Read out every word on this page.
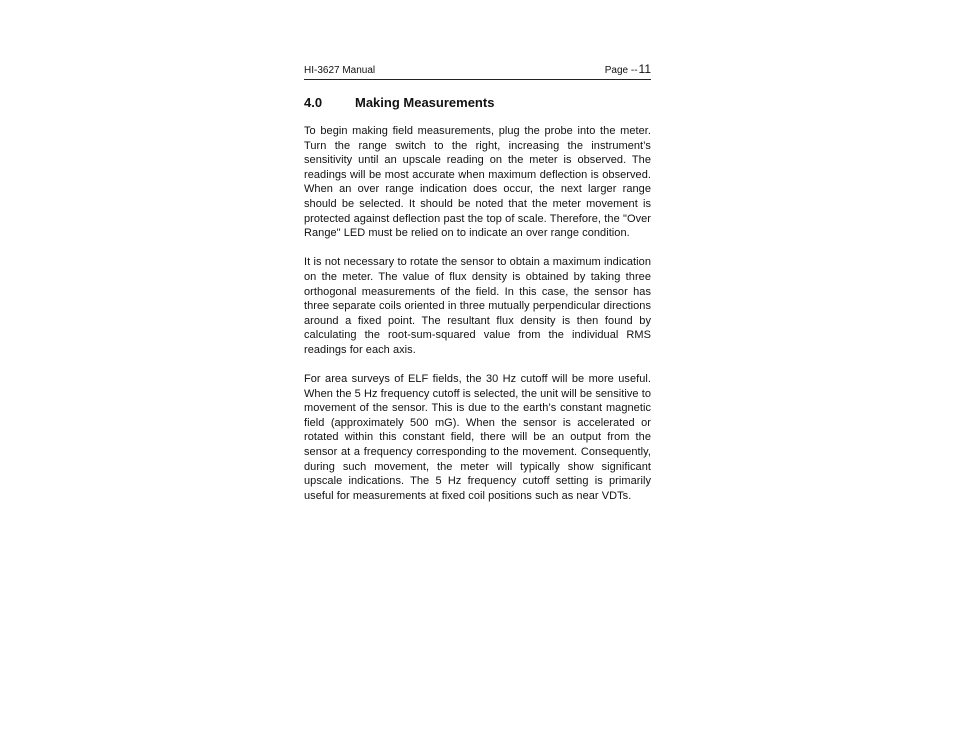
HI-3627 Manual	Page -- 11
4.0	Making Measurements

To begin making field measurements, plug the probe into the meter. Turn the range switch to the right, increasing the instrument’s sensitivity until an upscale reading on the meter is observed. The readings will be most accurate when maximum deflection is observed. When an over range indication does occur, the next larger range should be selected. It should be noted that the meter movement is protected against deflection past the top of scale. Therefore, the "Over Range" LED must be relied on to indicate an over range condition.

It is not necessary to rotate the sensor to obtain a maximum indication on the meter. The value of flux density is obtained by taking three orthogonal measurements of the field. In this case, the sensor has three separate coils oriented in three mutually perpendicular directions around a fixed point. The resultant flux density is then found by calculating the root-sum-squared value from the individual RMS readings for each axis.

For area surveys of ELF fields, the 30 Hz cutoff will be more useful. When the 5 Hz frequency cutoff is selected, the unit will be sensitive to movement of the sensor. This is due to the earth’s constant magnetic field (approximately 500 mG). When the sensor is accelerated or rotated within this constant field, there will be an output from the sensor at a frequency corresponding to the movement. Consequently, during such movement, the meter will typically show significant upscale indications. The 5 Hz frequency cutoff setting is primarily useful for measurements at fixed coil positions such as near VDTs.
